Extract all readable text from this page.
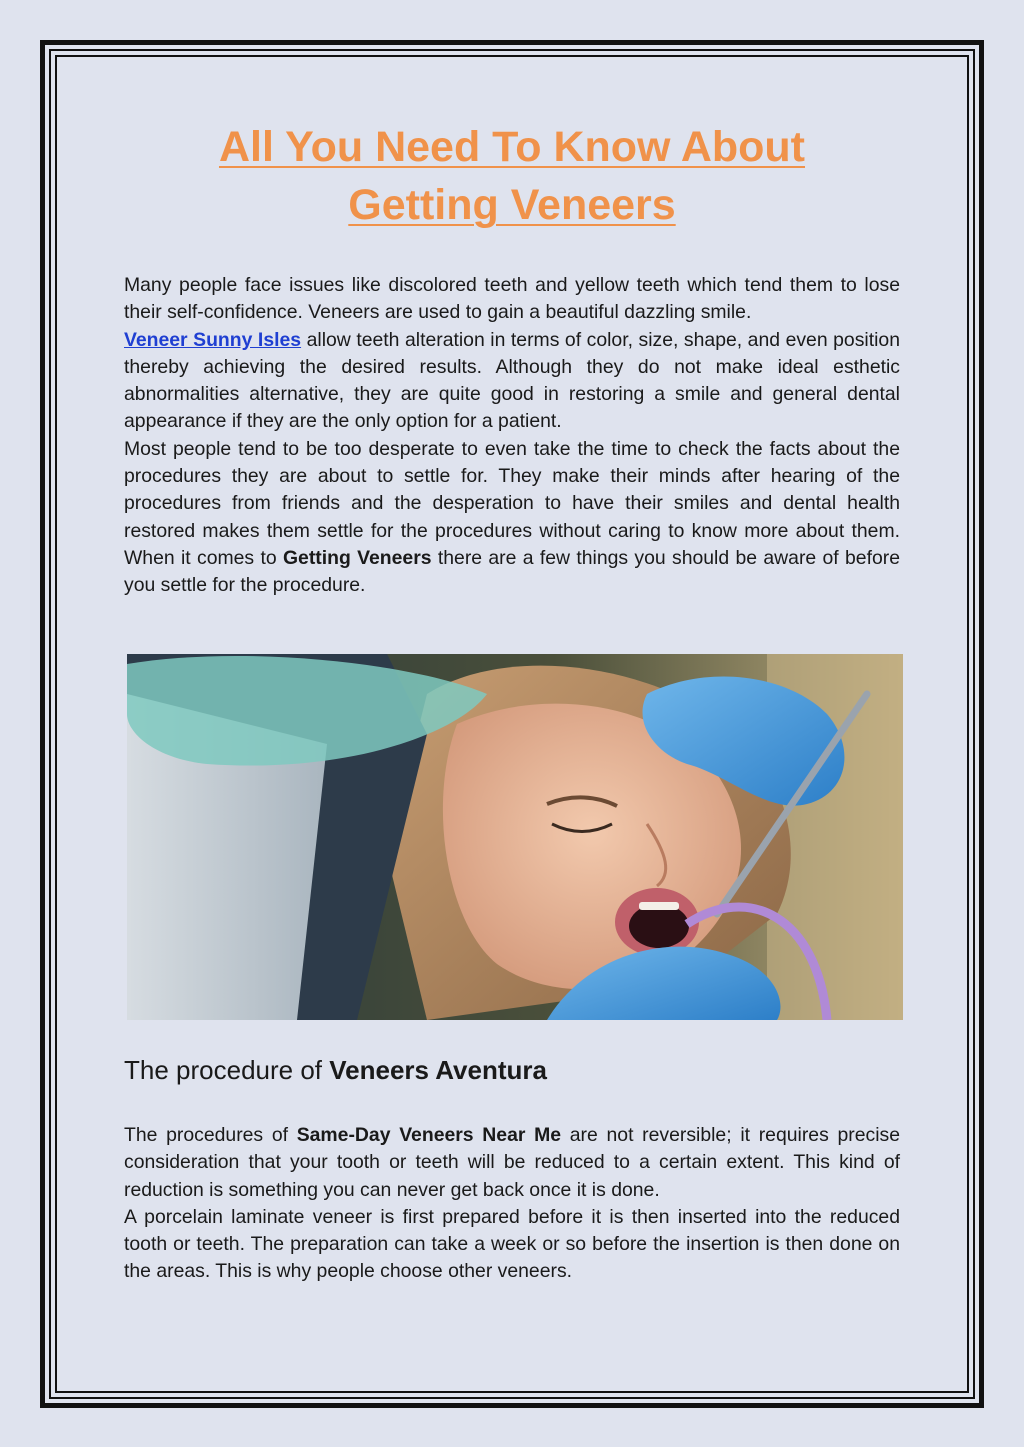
All You Need To Know About
Getting Veneers

Many people face issues like discolored teeth and yellow teeth which tend them to lose their self-confidence. Veneers are used to gain a beautiful dazzling smile.

Veneer Sunny Isles allow teeth alteration in terms of color, size, shape, and even position thereby achieving the desired results. Although they do not make ideal esthetic abnormalities alternative, they are quite good in restoring a smile and general dental appearance if they are the only option for a patient.

Most people tend to be too desperate to even take the time to check the facts about the procedures they are about to settle for. They make their minds after hearing of the procedures from friends and the desperation to have their smiles and dental health restored makes them settle for the procedures without caring to know more about them. When it comes to Getting Veneers there are a few things you should be aware of before you settle for the procedure.

The procedure of Veneers Aventura

The procedures of Same-Day Veneers Near Me are not reversible; it requires precise consideration that your tooth or teeth will be reduced to a certain extent. This kind of reduction is something you can never get back once it is done.

A porcelain laminate veneer is first prepared before it is then inserted into the reduced tooth or teeth. The preparation can take a week or so before the insertion is then done on the areas. This is why people choose other veneers.
